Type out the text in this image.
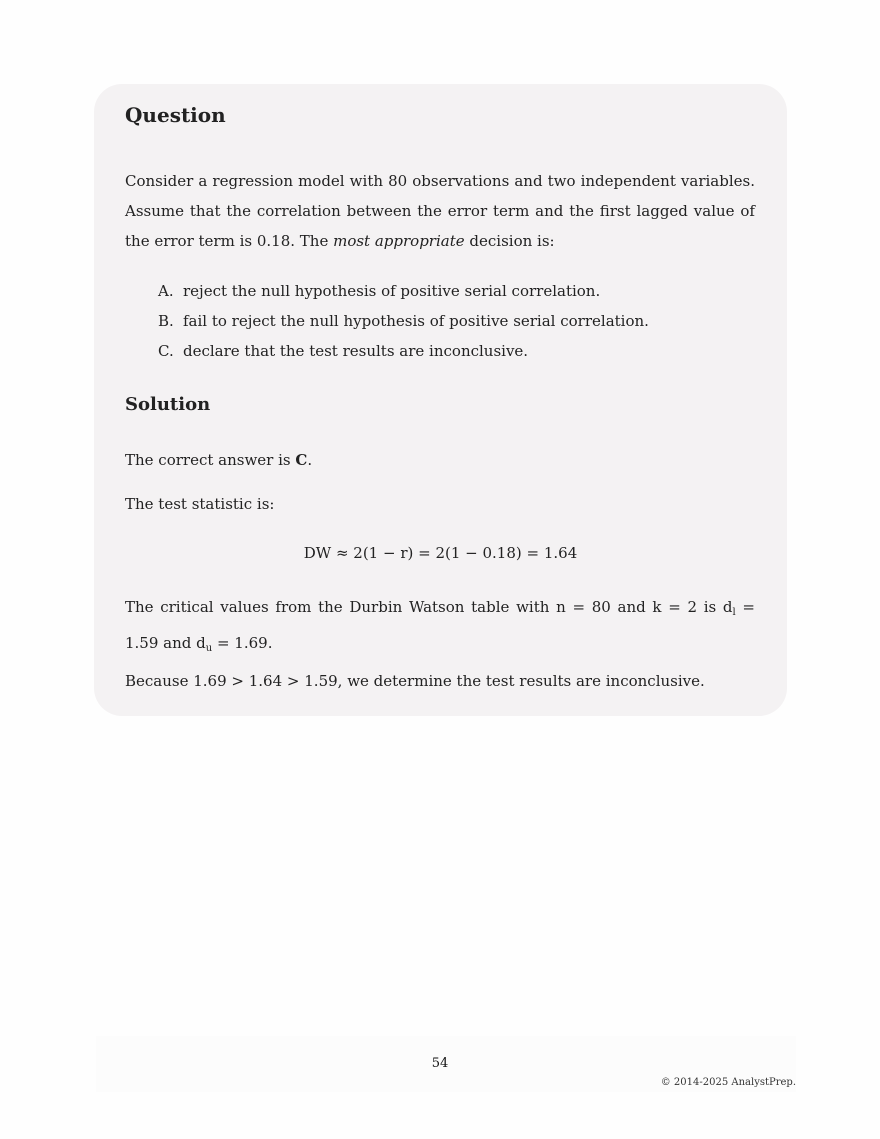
Question

Consider a regression model with 80 observations and two independent variables. Assume that the correlation between the error term and the first lagged value of the error term is 0.18. The most appropriate decision is:

A. reject the null hypothesis of positive serial correlation.
B. fail to reject the null hypothesis of positive serial correlation.
C. declare that the test results are inconclusive.
Solution

The correct answer is C.

The test statistic is:

DW ≈ 2(1 − r) = 2(1 − 0.18) = 1.64

The critical values from the Durbin Watson table with n = 80 and k = 2 is $d_l = 1.59$ and $d_u = 1.69$.

Because 1.69 > 1.64 > 1.59, we determine the test results are inconclusive.

54
© 2014-2025 AnalystPrep.
